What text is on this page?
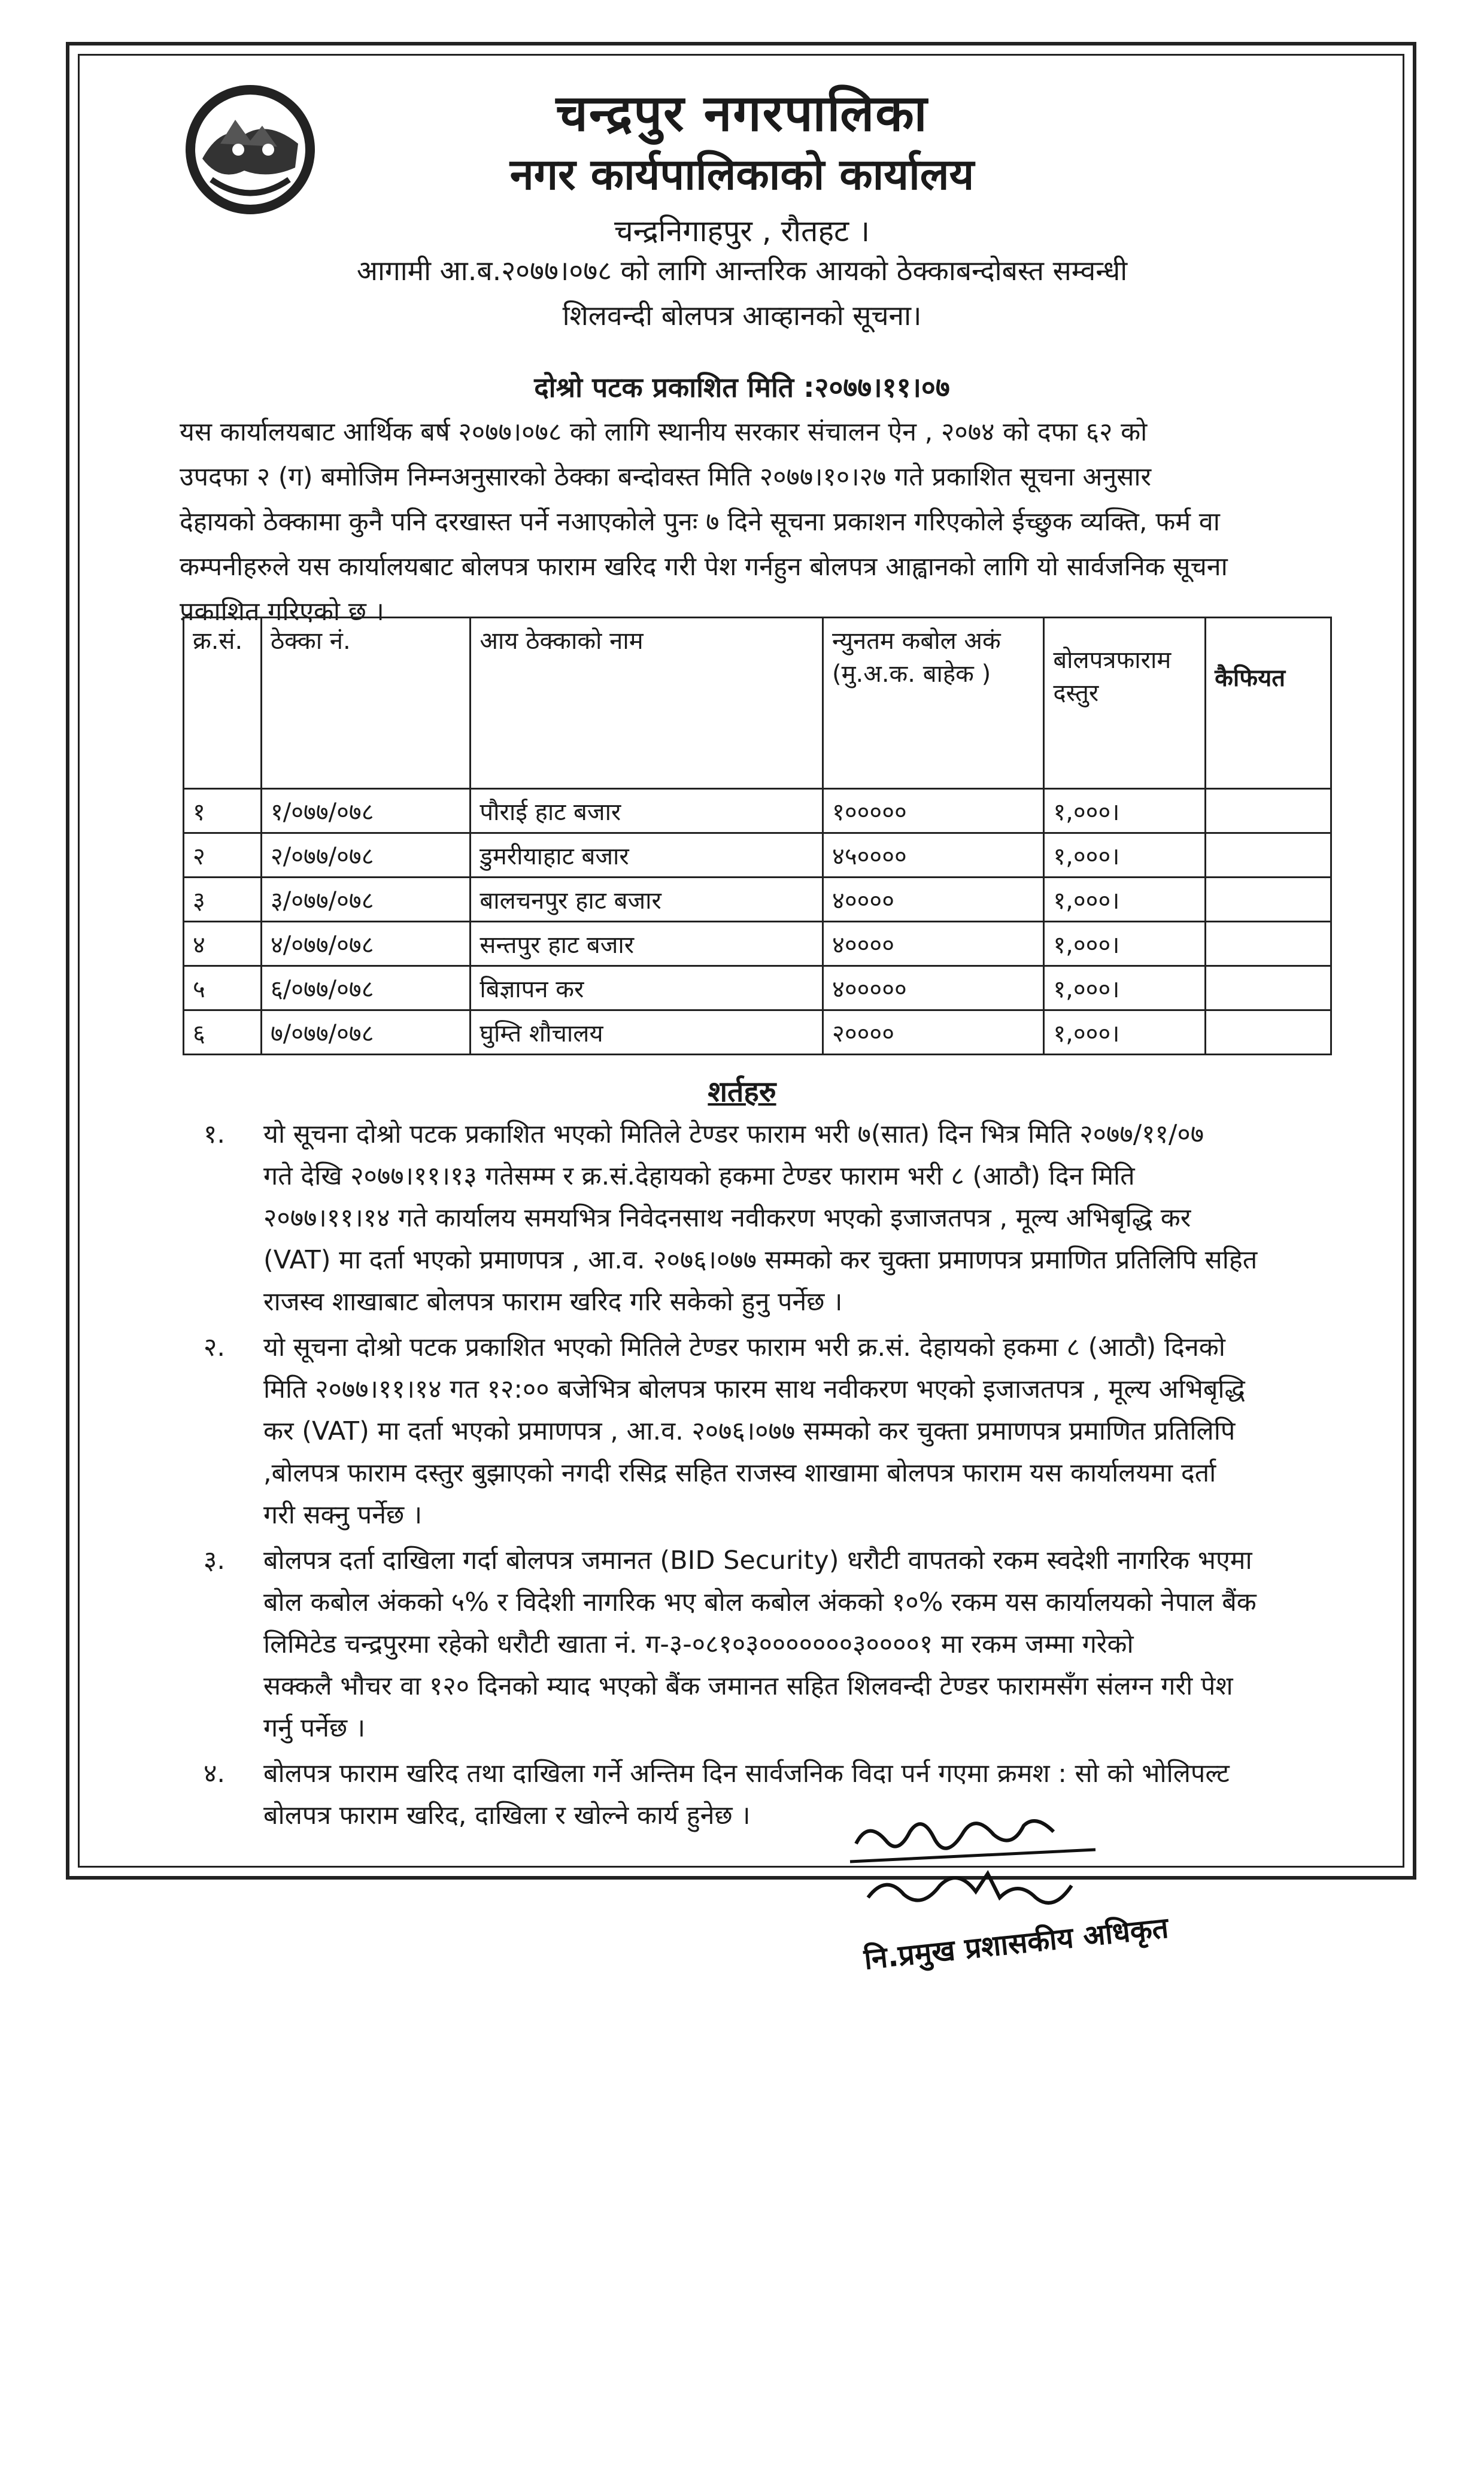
चन्द्रपुर नगरपालिका
नगर कार्यपालिकाको कार्यालय
चन्द्रनिगाहपुर , रौतहट ।
आगामी आ.ब.२०७७।०७८ को लागि आन्तरिक आयको ठेक्काबन्दोबस्त सम्वन्धी
शिलवन्दी बोलपत्र आव्हानको सूचना।
दोश्रो पटक प्रकाशित मिति :२०७७।११।०७
यस कार्यालयबाट आर्थिक बर्ष २०७७।०७८ को लागि स्थानीय सरकार संचालन ऐन , २०७४ को दफा ६२ को
उपदफा २ (ग) बमोजिम निम्नअनुसारको ठेक्का बन्दोवस्त मिति २०७७।१०।२७ गते प्रकाशित सूचना अनुसार
देहायको ठेक्कामा कुनै पनि दरखास्त पर्ने नआएकोले पुनः ७ दिने सूचना प्रकाशन गरिएकोले ईच्छुक व्यक्ति, फर्म वा
कम्पनीहरुले यस कार्यालयबाट बोलपत्र फाराम खरिद गरी पेश गर्नहुन बोलपत्र आह्वानको लागि यो सार्वजनिक सूचना
प्रकाशित गरिएको छ ।
क्र.सं.	ठेक्का नं.	आय ठेक्काको नाम	न्युनतम कबोल अकं (मु.अ.क. बाहेक )	बोलपत्रफाराम दस्तुर	कैफियत
१	१/०७७/०७८	पौराई हाट बजार	१०००००	१,०००।	
२	२/०७७/०७८	डुमरीयाहाट बजार	४५००००	१,०००।	
३	३/०७७/०७८	बालचनपुर हाट बजार	४००००	१,०००।	
४	४/०७७/०७८	सन्तपुर हाट बजार	४००००	१,०००।	
५	६/०७७/०७८	बिज्ञापन कर	४०००००	१,०००।	
६	७/०७७/०७८	घुम्ति शौचालय	२००००	१,०००।	
शर्तहरु
१. यो सूचना दोश्रो पटक प्रकाशित भएको मितिले टेण्डर फाराम भरी ७(सात) दिन भित्र मिति २०७७/११/०७
गते देखि २०७७।११।१३ गतेसम्म र क्र.सं.देहायको हकमा टेण्डर फाराम भरी ८ (आठौ) दिन मिति
२०७७।११।१४ गते कार्यालय समयभित्र निवेदनसाथ नवीकरण भएको इजाजतपत्र , मूल्य अभिबृद्धि कर
(VAT) मा दर्ता भएको प्रमाणपत्र , आ.व. २०७६।०७७ सम्मको कर चुक्ता प्रमाणपत्र प्रमाणित प्रतिलिपि सहित
राजस्व शाखाबाट बोलपत्र फाराम खरिद गरि सकेको हुनु पर्नेछ ।
२. यो सूचना दोश्रो पटक प्रकाशित भएको मितिले टेण्डर फाराम भरी क्र.सं. देहायको हकमा ८ (आठौ) दिनको
मिति २०७७।११।१४ गत १२:०० बजेभित्र बोलपत्र फारम साथ नवीकरण भएको इजाजतपत्र , मूल्य अभिबृद्धि
कर (VAT) मा दर्ता भएको प्रमाणपत्र , आ.व. २०७६।०७७ सम्मको कर चुक्ता प्रमाणपत्र प्रमाणित प्रतिलिपि
,बोलपत्र फाराम दस्तुर बुझाएको नगदी रसिद्र सहित राजस्व शाखामा बोलपत्र फाराम यस कार्यालयमा दर्ता
गरी सक्नु पर्नेछ ।
३. बोलपत्र दर्ता दाखिला गर्दा बोलपत्र जमानत (BID Security) धरौटी वापतको रकम स्वदेशी नागरिक भएमा
बोल कबोल अंकको ५% र विदेशी नागरिक भए बोल कबोल अंकको १०% रकम यस कार्यालयको नेपाल बैंक
लिमिटेड चन्द्रपुरमा रहेको धरौटी खाता नं. ग-३-०८१०३०००००००३००००१ मा रकम जम्मा गरेको
सक्कलै भौचर वा १२० दिनको म्याद भएको बैंक जमानत सहित शिलवन्दी टेण्डर फारामसँग संलग्न गरी पेश
गर्नु पर्नेछ ।
४. बोलपत्र फाराम खरिद तथा दाखिला गर्ने अन्तिम दिन सार्वजनिक विदा पर्न गएमा क्रमश : सो को भोलिपल्ट
बोलपत्र फाराम खरिद, दाखिला र खोल्ने कार्य हुनेछ ।
नि.प्रमुख प्रशासकीय अधिकृत
